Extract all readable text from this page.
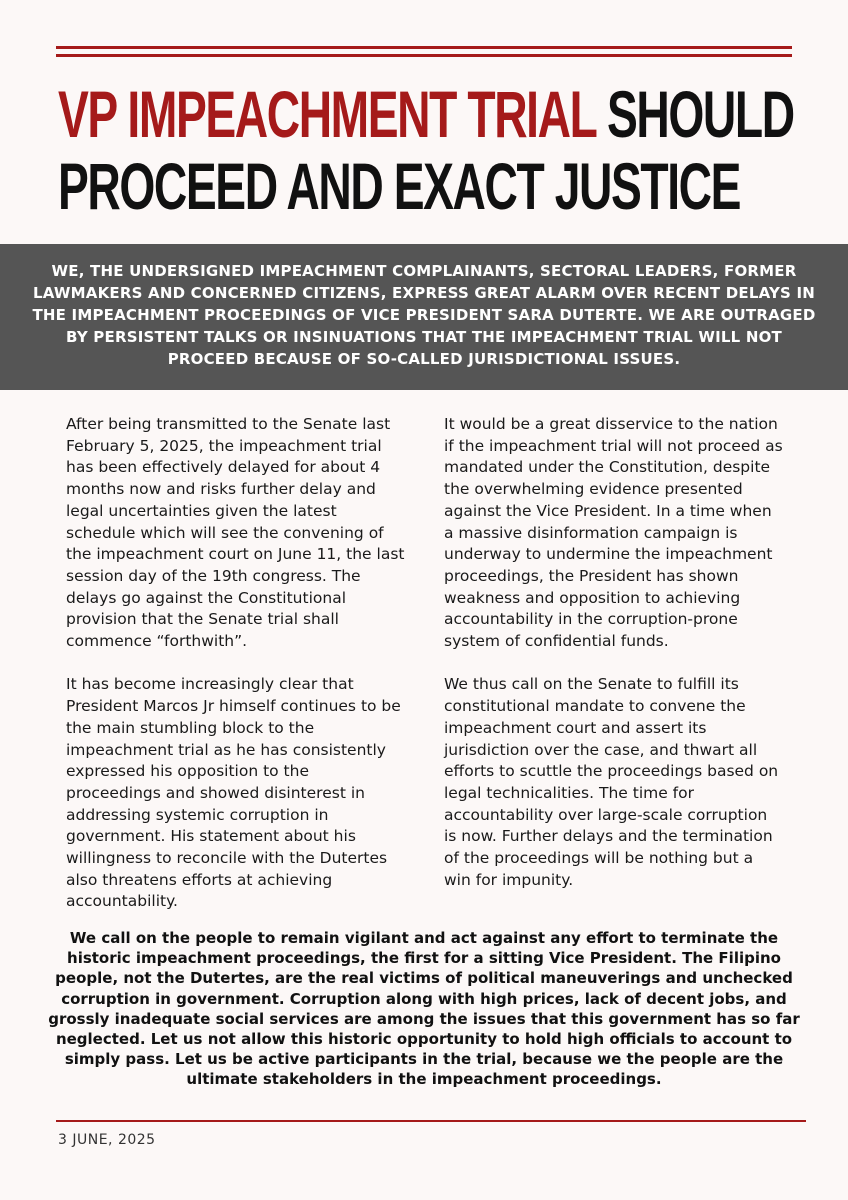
VP IMPEACHMENT TRIAL SHOULD
PROCEED AND EXACT JUSTICE

WE, THE UNDERSIGNED IMPEACHMENT COMPLAINANTS, SECTORAL LEADERS, FORMER LAWMAKERS AND CONCERNED CITIZENS, EXPRESS GREAT ALARM OVER RECENT DELAYS IN THE IMPEACHMENT PROCEEDINGS OF VICE PRESIDENT SARA DUTERTE. WE ARE OUTRAGED BY PERSISTENT TALKS OR INSINUATIONS THAT THE IMPEACHMENT TRIAL WILL NOT PROCEED BECAUSE OF SO-CALLED JURISDICTIONAL ISSUES.

After being transmitted to the Senate last February 5, 2025, the impeachment trial has been effectively delayed for about 4 months now and risks further delay and legal uncertainties given the latest schedule which will see the convening of the impeachment court on June 11, the last session day of the 19th congress. The delays go against the Constitutional provision that the Senate trial shall commence “forthwith”.

It has become increasingly clear that President Marcos Jr himself continues to be the main stumbling block to the impeachment trial as he has consistently expressed his opposition to the proceedings and showed disinterest in addressing systemic corruption in government. His statement about his willingness to reconcile with the Dutertes also threatens efforts at achieving accountability.

It would be a great disservice to the nation if the impeachment trial will not proceed as mandated under the Constitution, despite the overwhelming evidence presented against the Vice President. In a time when a massive disinformation campaign is underway to undermine the impeachment proceedings, the President has shown weakness and opposition to achieving accountability in the corruption-prone system of confidential funds.

We thus call on the Senate to fulfill its constitutional mandate to convene the impeachment court and assert its jurisdiction over the case, and thwart all efforts to scuttle the proceedings based on legal technicalities. The time for accountability over large-scale corruption is now. Further delays and the termination of the proceedings will be nothing but a win for impunity.

We call on the people to remain vigilant and act against any effort to terminate the historic impeachment proceedings, the first for a sitting Vice President. The Filipino people, not the Dutertes, are the real victims of political maneuverings and unchecked corruption in government. Corruption along with high prices, lack of decent jobs, and grossly inadequate social services are among the issues that this government has so far neglected. Let us not allow this historic opportunity to hold high officials to account to simply pass. Let us be active participants in the trial, because we the people are the ultimate stakeholders in the impeachment proceedings.

3 JUNE, 2025
